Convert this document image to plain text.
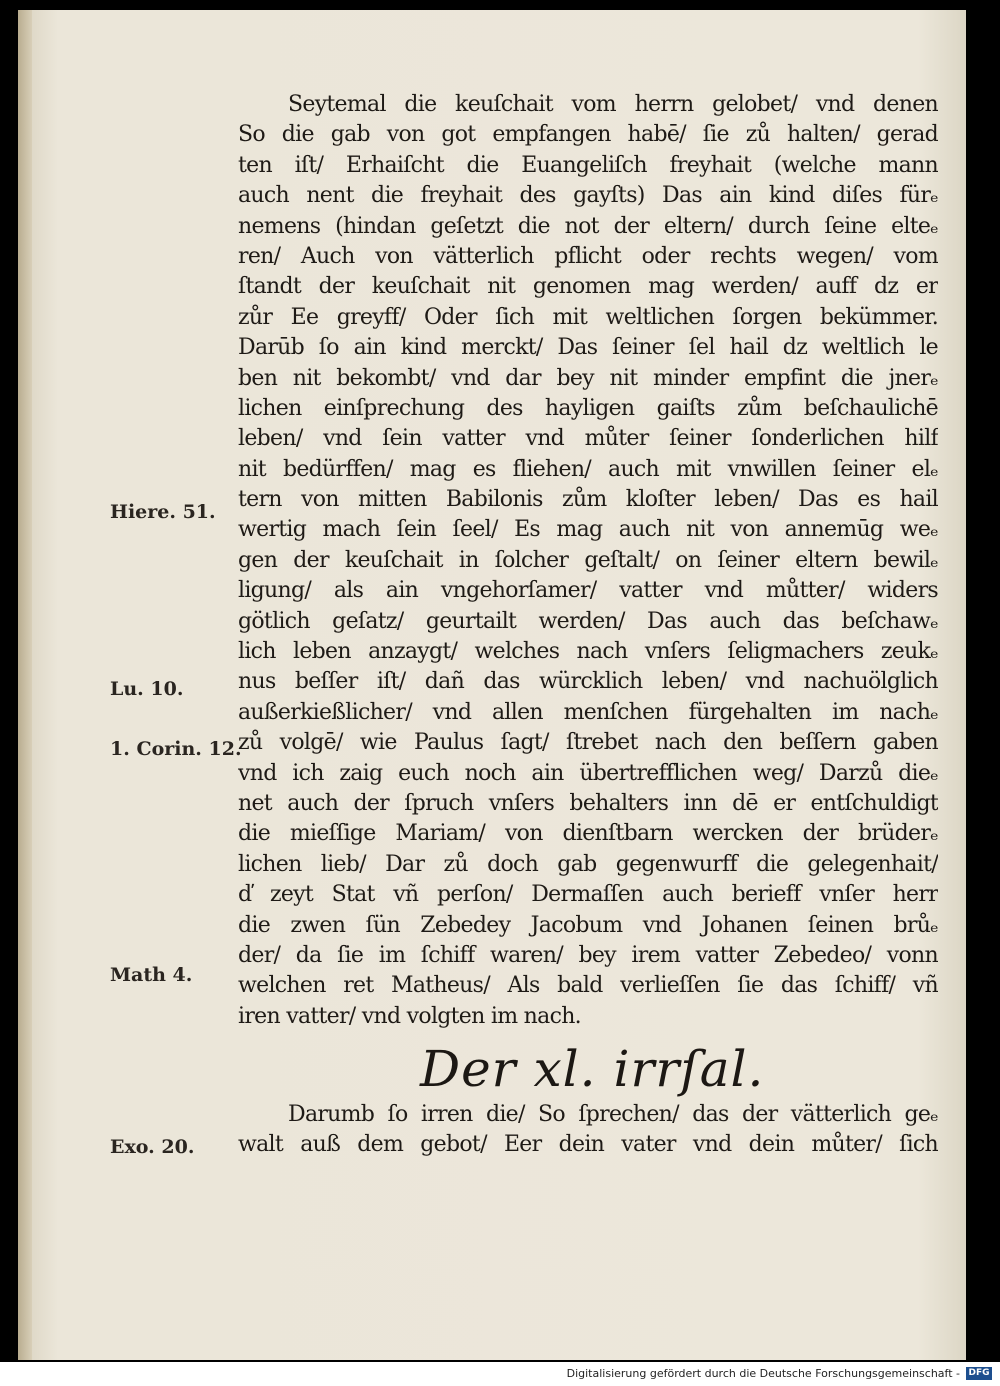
Seytemal die keuſchait vom herrn gelobet/ vnd denen
So die gab von got empfangen habē/ ſie zů halten/ gerad
ten iſt/ Erhaiſcht die Euangeliſch freyhait (welche mann
auch nent die freyhait des gayſts) Das ain kind diſes fürₑ
nemens (hindan geſetzt die not der eltern/ durch ſeine elteₑ
ren/ Auch von vätterlich pflicht oder rechts wegen/ vom
ſtandt der keuſchait nit genomen mag werden/ auff dz er
zůr Ee greyff/ Oder ſich mit weltlichen ſorgen bekümmer.
Darūb ſo ain kind merckt/ Das ſeiner ſel hail dz weltlich le
ben nit bekombt/ vnd dar bey nit minder empfint die jnerₑ
lichen einſprechung des hayligen gaiſts zům beſchaulichē
leben/ vnd ſein vatter vnd můter ſeiner ſonderlichen hilf
nit bedürffen/ mag es fliehen/ auch mit vnwillen ſeiner elₑ
tern von mitten Babilonis zům kloſter leben/ Das es hail
wertig mach ſein ſeel/ Es mag auch nit von annemūg weₑ
gen der keuſchait in ſolcher geſtalt/ on ſeiner eltern bewilₑ
ligung/ als ain vngehorſamer/ vatter vnd můtter/ widers
götlich geſatz/ geurtailt werden/ Das auch das beſchawₑ
lich leben anzaygt/ welches nach vnſers ſeligmachers zeukₑ
nus beſſer iſt/ dañ das würcklich leben/ vnd nachuölglich
außerkießlicher/ vnd allen menſchen fürgehalten im nachₑ
zů volgē/ wie Paulus ſagt/ ſtrebet nach den beſſern gaben
vnd ich zaig euch noch ain übertrefflichen weg/ Darzů dieₑ
net auch der ſpruch vnſers behalters inn dē er entſchuldigt
die mieſſige Mariam/ von dienſtbarn wercken der brüderₑ
lichen lieb/ Dar zů doch gab gegenwurff die gelegenhait/
ď zeyt Stat vñ perſon/ Dermaſſen auch berieff vnſer herr
die zwen ſün Zebedey Jacobum vnd Johanen ſeinen brůₑ
der/ da ſie im ſchiff waren/ bey irem vatter Zebedeo/ vonn
welchen ret Matheus/ Als bald verlieſſen ſie das ſchiff/ vñ
iren vatter/ vnd volgten im nach.
Der xl. irrſal.
Darumb ſo irren die/ So ſprechen/ das der vätterlich geₑ
walt auß dem gebot/ Eer dein vater vnd dein můter/ ſich
Hiere. 51.
Lu. 10.
1. Corin. 12.
Math 4.
Exo. 20.
Digitalisierung gefördert durch die Deutsche Forschungsgemeinschaft - DFG
